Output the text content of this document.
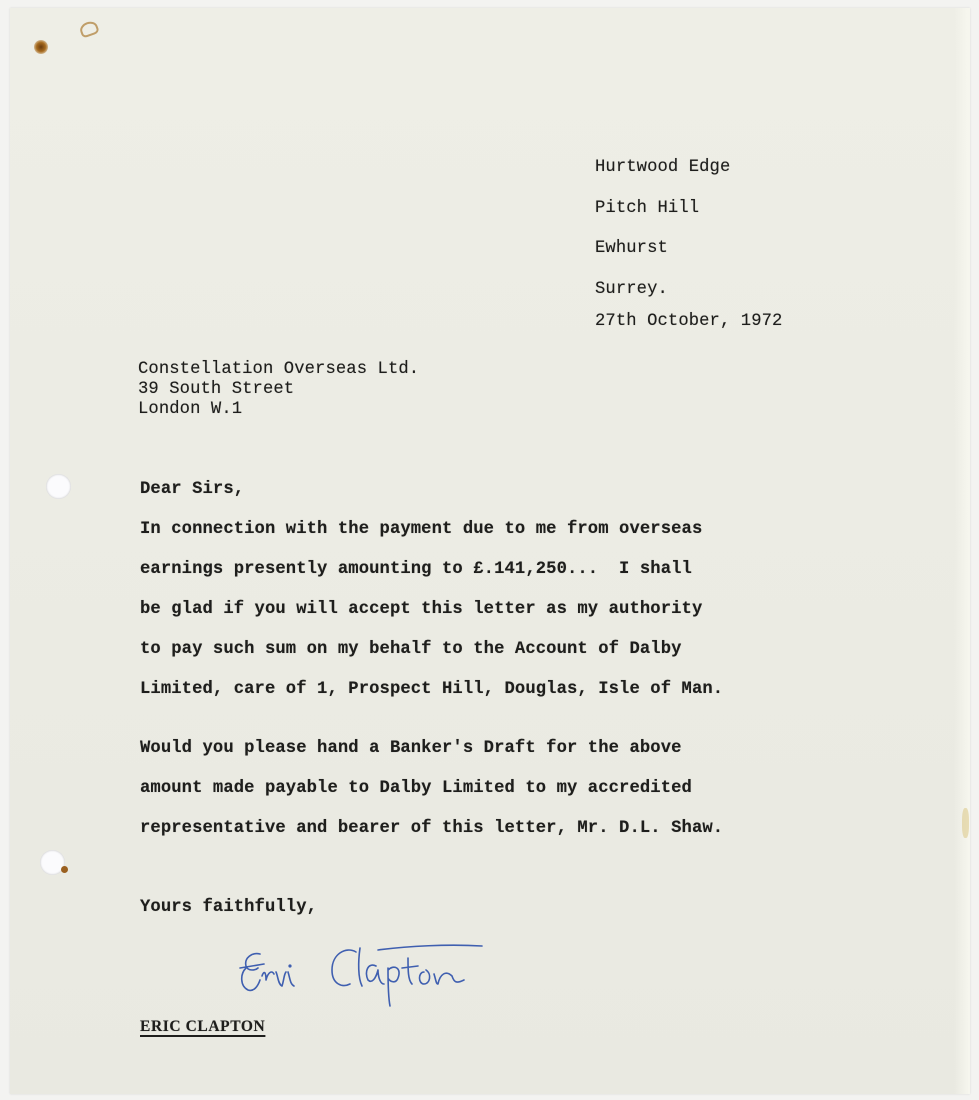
Hurtwood Edge
Pitch Hill
Ewhurst
Surrey.
27th October, 1972
Constellation Overseas Ltd.
39 South Street
London W.1
Dear Sirs,
In connection with the payment due to me from overseas
earnings presently amounting to £.141,250...  I shall
be glad if you will accept this letter as my authority
to pay such sum on my behalf to the Account of Dalby
Limited, care of 1, Prospect Hill, Douglas, Isle of Man.
Would you please hand a Banker's Draft for the above
amount made payable to Dalby Limited to my accredited
representative and bearer of this letter, Mr. D.L. Shaw.
Yours faithfully,
ERIC CLAPTON
